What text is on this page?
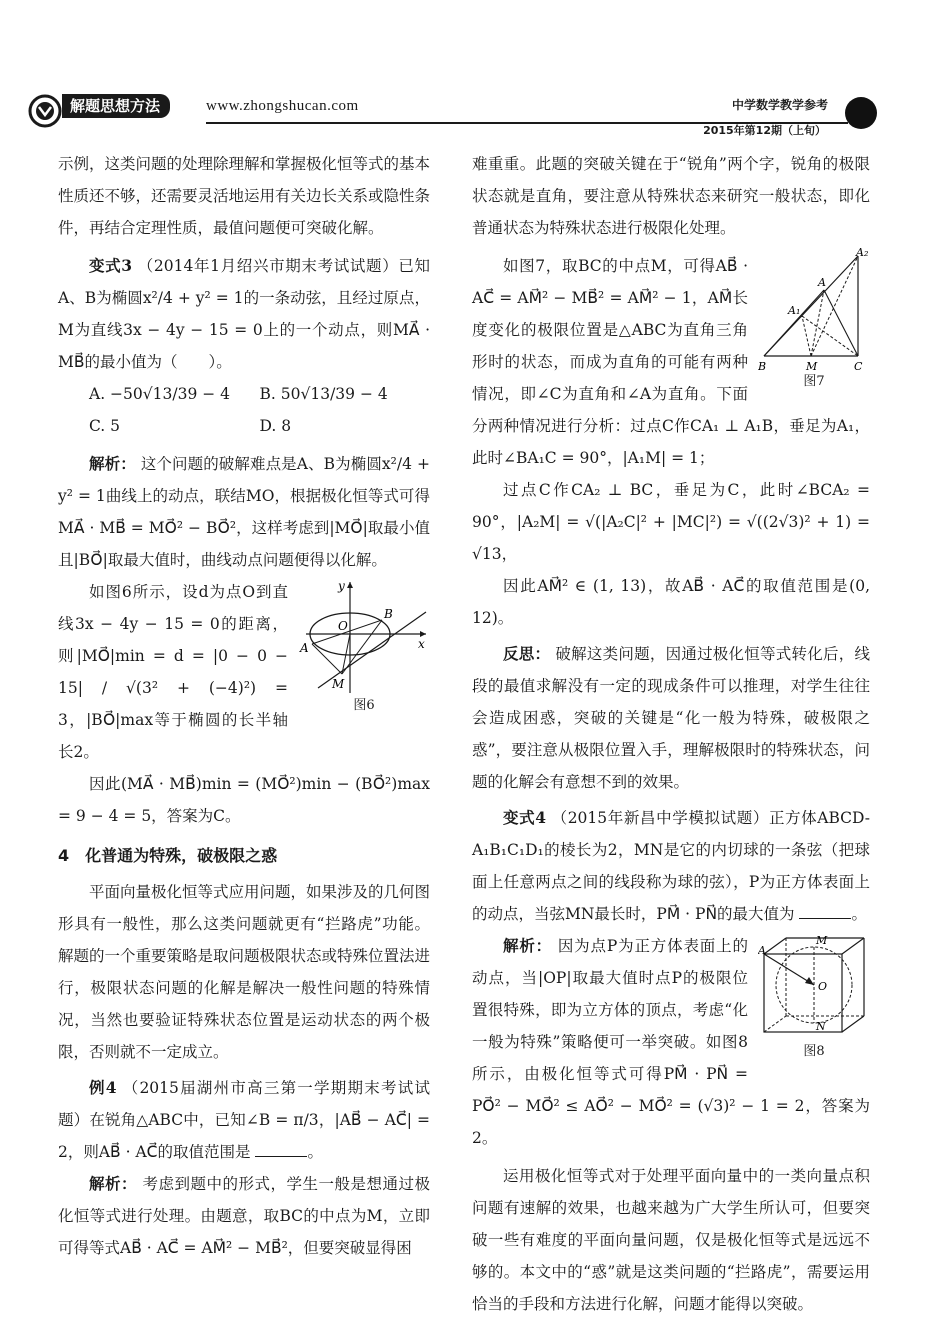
解题思想方法	www.zhongshucan.com	中学数学教学参考
2015年第12期（上旬）

示例，这类问题的处理除理解和掌握极化恒等式的基本性质还不够，还需要灵活地运用有关边长关系或隐性条件，再结合定理性质，最值问题便可突破化解。

变式3 （2014年1月绍兴市期末考试试题）已知A、B为椭圆x²/4 + y² = 1的一条动弦，且经过原点，M为直线3x − 4y − 15 = 0上的一个动点，则MA⃗ · MB⃗的最小值为（　　）。

A. −50√13/39 − 4	B. 50√13/39 − 4
C. 5	D. 8

解析： 这个问题的破解难点是A、B为椭圆x²/4 + y² = 1曲线上的动点，联结MO，根据极化恒等式可得MA⃗ · MB⃗ = MO⃗² − BO⃗²，这样考虑到|MO⃗|取最小值且|BO⃗|取最大值时，曲线动点问题便得以化解。

y
x
O
A
B
M
图6

如图6所示，设d为点O到直线3x − 4y − 15 = 0的距离，则|MO⃗|min = d = |0 − 0 − 15| / √(3² + (−4)²) = 3，|BO⃗|max等于椭圆的长半轴长2。

因此(MA⃗ · MB⃗)min = (MO⃗²)min − (BO⃗²)max = 9 − 4 = 5，答案为C。

4　化普通为特殊，破极限之惑

平面向量极化恒等式应用问题，如果涉及的几何图形具有一般性，那么这类问题就更有“拦路虎”功能。解题的一个重要策略是取问题极限状态或特殊位置法进行，极限状态问题的化解是解决一般性问题的特殊情况，当然也要验证特殊状态位置是运动状态的两个极限，否则就不一定成立。

例4 （2015届湖州市高三第一学期期末考试试题）在锐角△ABC中，已知∠B = π/3，|AB⃗ − AC⃗| = 2，则AB⃗ · AC⃗的取值范围是	。

解析： 考虑到题中的形式，学生一般是想通过极化恒等式进行处理。由题意，取BC的中点为M，立即可得等式AB⃗ · AC⃗ = AM⃗² − MB⃗²，但要突破显得困

难重重。此题的突破关键在于“锐角”两个字，锐角的极限状态就是直角，要注意从特殊状态来研究一般状态，即化普通状态为特殊状态进行极限化处理。

A₂
A
A₁
B	M	C
图7

如图7，取BC的中点M，可得AB⃗ · AC⃗ = AM⃗² − MB⃗² = AM⃗² − 1，AM⃗长度变化的极限位置是△ABC为直角三角形时的状态，而成为直角的可能有两种情况，即∠C为直角和∠A为直角。下面分两种情况进行分析：过点C作CA₁ ⊥ A₁B，垂足为A₁，此时∠BA₁C = 90°，|A₁M| = 1；

过点C作CA₂ ⊥ BC，垂足为C，此时∠BCA₂ = 90°，|A₂M| = √(|A₂C|² + |MC|²) = √((2√3)² + 1) = √13，

因此AM⃗² ∈ (1, 13)，故AB⃗ · AC⃗的取值范围是(0, 12)。

反思： 破解这类问题，因通过极化恒等式转化后，线段的最值求解没有一定的现成条件可以推理，对学生往往会造成困惑，突破的关键是“化一般为特殊，破极限之惑”，要注意从极限位置入手，理解极限时的特殊状态，问题的化解会有意想不到的效果。

变式4 （2015年新昌中学模拟试题）正方体ABCD-A₁B₁C₁D₁的棱长为2，MN是它的内切球的一条弦（把球面上任意两点之间的线段称为球的弦），P为正方体表面上的动点，当弦MN最长时，PM⃗ · PN⃗的最大值为	。

M
A
O
N
图8

解析： 因为点P为正方体表面上的动点，当|OP|取最大值时点P的极限位置很特殊，即为立方体的顶点，考虑“化一般为特殊”策略便可一举突破。如图8所示，由极化恒等式可得PM⃗ · PN⃗ = PO⃗² − MO⃗² ≤ AO⃗² − MO⃗² = (√3)² − 1 = 2，答案为2。

运用极化恒等式对于处理平面向量中的一类向量点积问题有速解的效果，也越来越为广大学生所认可，但要突破一些有难度的平面向量问题，仅是极化恒等式是远远不够的。本文中的“惑”就是这类问题的“拦路虎”，需要运用恰当的手段和方法进行化解，问题才能得以突破。
